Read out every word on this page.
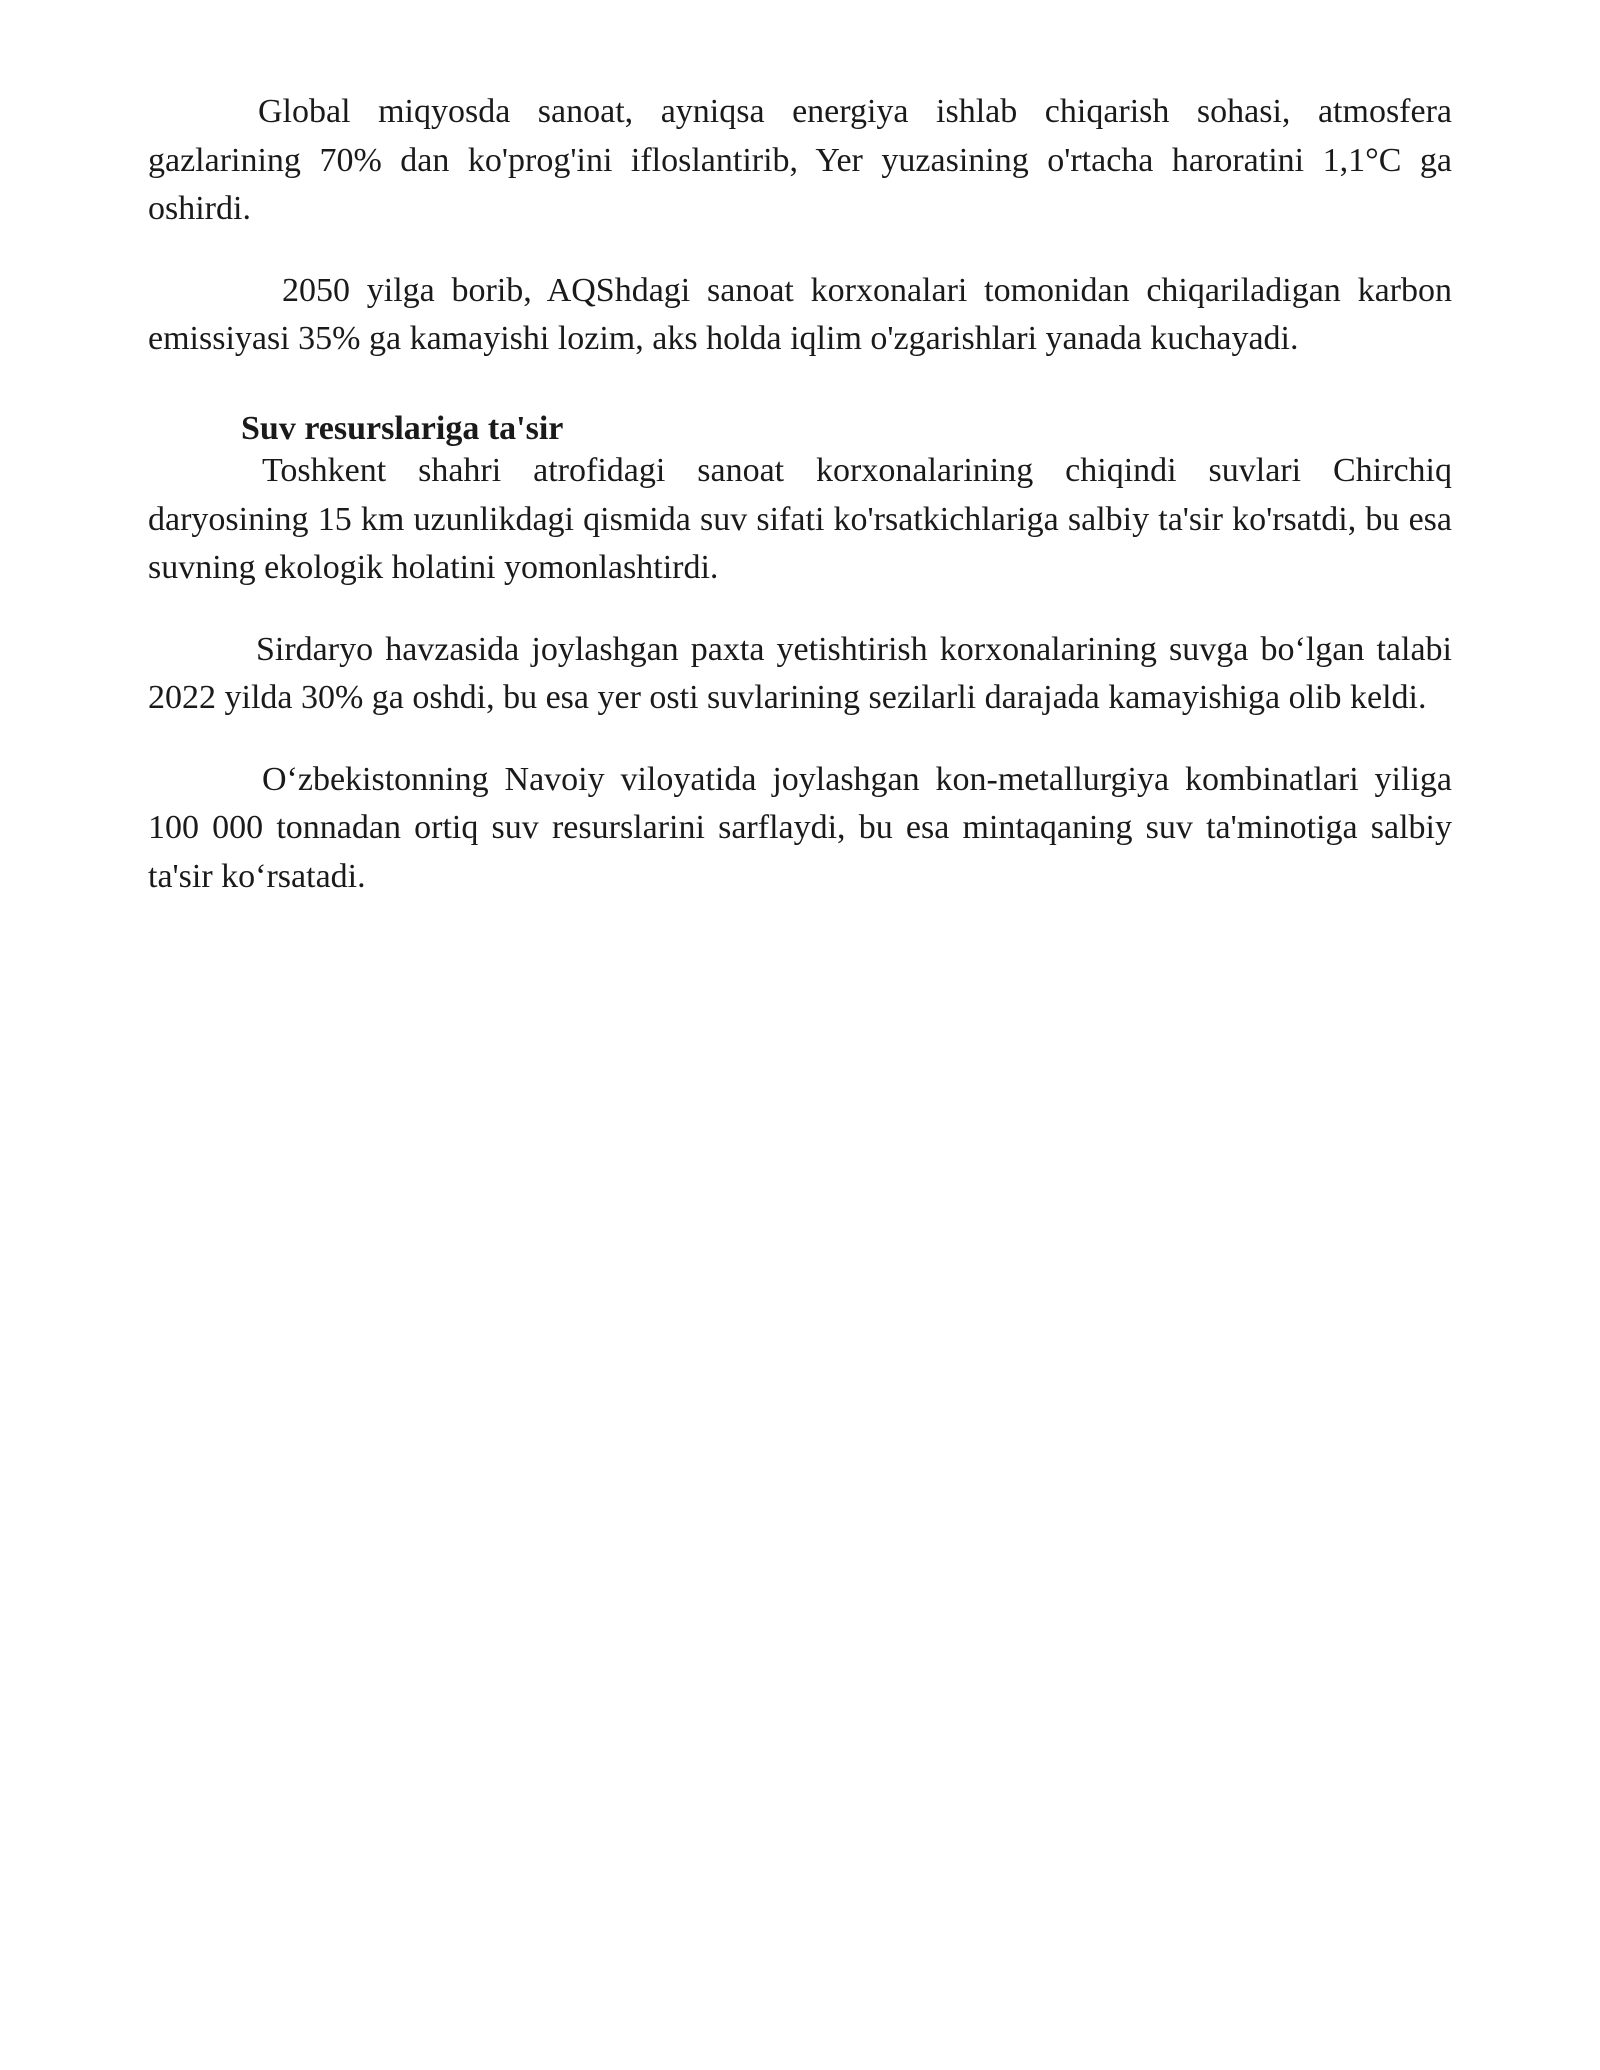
Global miqyosda sanoat, ayniqsa energiya ishlab chiqarish sohasi, atmosfera gazlarining 70% dan ko'prog'ini ifloslantirib, Yer yuzasining o'rtacha haroratini 1,1°C ga oshirdi.

2050 yilga borib, AQShdagi sanoat korxonalari tomonidan chiqariladigan karbon emissiyasi 35% ga kamayishi lozim, aks holda iqlim o'zgarishlari yanada kuchayadi.

Suv resurslariga ta'sir

Toshkent shahri atrofidagi sanoat korxonalarining chiqindi suvlari Chirchiq daryosining 15 km uzunlikdagi qismida suv sifati ko'rsatkichlariga salbiy ta'sir ko'rsatdi, bu esa suvning ekologik holatini yomonlashtirdi.

Sirdaryo havzasida joylashgan paxta yetishtirish korxonalarining suvga bo‘lgan talabi 2022 yilda 30% ga oshdi, bu esa yer osti suvlarining sezilarli darajada kamayishiga olib keldi.

O‘zbekistonning Navoiy viloyatida joylashgan kon-metallurgiya kombinatlari yiliga 100 000 tonnadan ortiq suv resurslarini sarflaydi, bu esa mintaqaning suv ta'minotiga salbiy ta'sir ko‘rsatadi.
